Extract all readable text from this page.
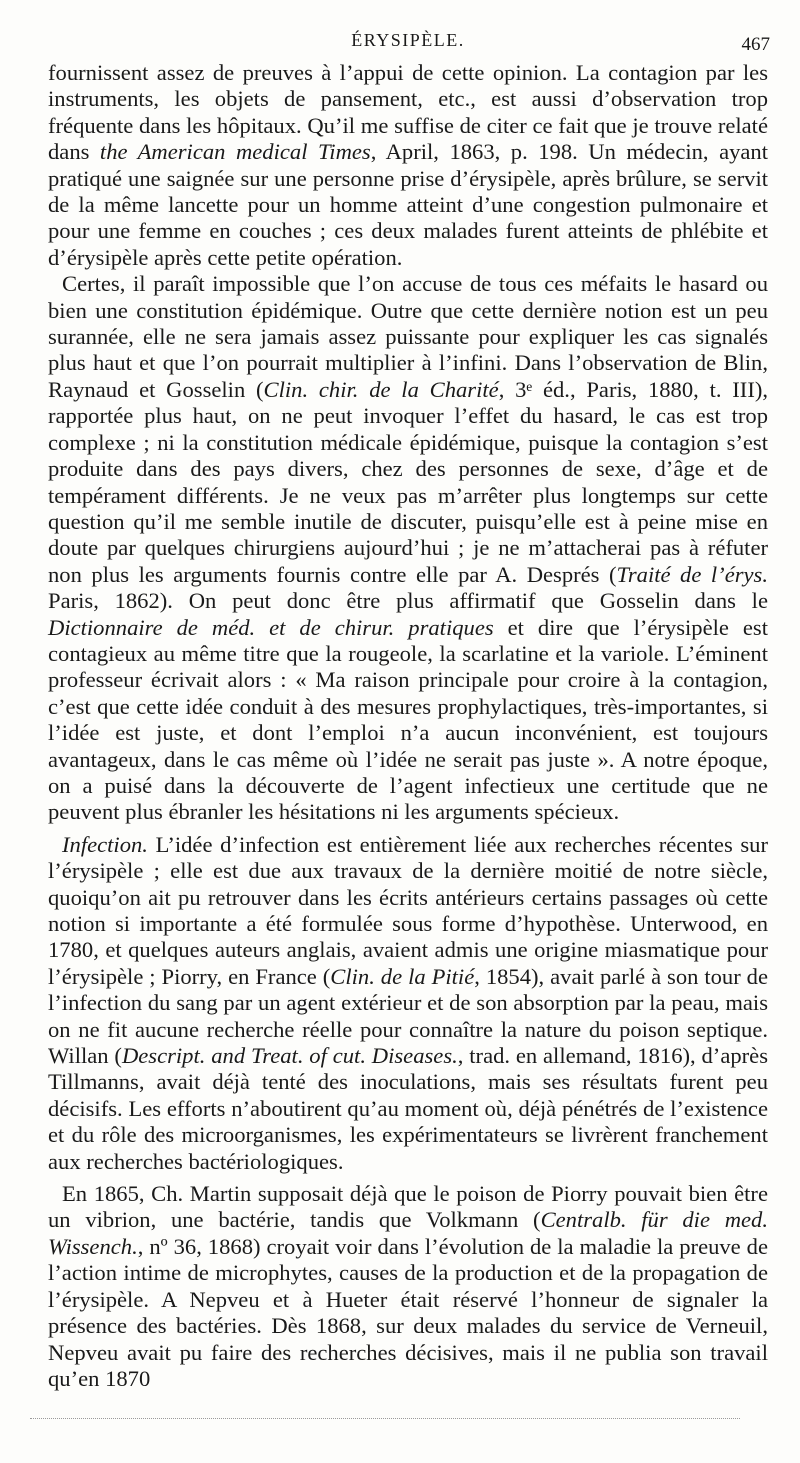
ÉRYSIPÈLE.	467

fournissent assez de preuves à l’appui de cette opinion. La contagion par les instruments, les objets de pansement, etc., est aussi d’observation trop fréquente dans les hôpitaux. Qu’il me suffise de citer ce fait que je trouve relaté dans the American medical Times, April, 1863, p. 198. Un médecin, ayant pratiqué une saignée sur une personne prise d’érysipèle, après brûlure, se servit de la même lancette pour un homme atteint d’une congestion pulmonaire et pour une femme en couches ; ces deux malades furent atteints de phlébite et d’érysipèle après cette petite opération.

Certes, il paraît impossible que l’on accuse de tous ces méfaits le hasard ou bien une constitution épidémique. Outre que cette dernière notion est un peu surannée, elle ne sera jamais assez puissante pour expliquer les cas signalés plus haut et que l’on pourrait multiplier à l’infini. Dans l’observation de Blin, Raynaud et Gosselin (Clin. chir. de la Charité, 3ᵉ éd., Paris, 1880, t. III), rapportée plus haut, on ne peut invoquer l’effet du hasard, le cas est trop complexe ; ni la constitution médicale épidémique, puisque la contagion s’est produite dans des pays divers, chez des personnes de sexe, d’âge et de tempérament différents. Je ne veux pas m’arrêter plus longtemps sur cette question qu’il me semble inutile de discuter, puisqu’elle est à peine mise en doute par quelques chirurgiens aujourd’hui ; je ne m’attacherai pas à réfuter non plus les arguments fournis contre elle par A. Després (Traité de l’érys. Paris, 1862). On peut donc être plus affirmatif que Gosselin dans le Dictionnaire de méd. et de chirur. pratiques et dire que l’érysipèle est contagieux au même titre que la rougeole, la scarlatine et la variole. L’éminent professeur écrivait alors : « Ma raison principale pour croire à la contagion, c’est que cette idée conduit à des mesures prophylactiques, très-importantes, si l’idée est juste, et dont l’emploi n’a aucun inconvénient, est toujours avantageux, dans le cas même où l’idée ne serait pas juste ». A notre époque, on a puisé dans la découverte de l’agent infectieux une certitude que ne peuvent plus ébranler les hésitations ni les arguments spécieux.

Infection. L’idée d’infection est entièrement liée aux recherches récentes sur l’érysipèle ; elle est due aux travaux de la dernière moitié de notre siècle, quoiqu’on ait pu retrouver dans les écrits antérieurs certains passages où cette notion si importante a été formulée sous forme d’hypothèse. Unterwood, en 1780, et quelques auteurs anglais, avaient admis une origine miasmatique pour l’érysipèle ; Piorry, en France (Clin. de la Pitié, 1854), avait parlé à son tour de l’infection du sang par un agent extérieur et de son absorption par la peau, mais on ne fit aucune recherche réelle pour connaître la nature du poison septique. Willan (Descript. and Treat. of cut. Diseases., trad. en allemand, 1816), d’après Tillmanns, avait déjà tenté des inoculations, mais ses résultats furent peu décisifs. Les efforts n’aboutirent qu’au moment où, déjà pénétrés de l’existence et du rôle des microorganismes, les expérimentateurs se livrèrent franchement aux recherches bactériologiques.

En 1865, Ch. Martin supposait déjà que le poison de Piorry pouvait bien être un vibrion, une bactérie, tandis que Volkmann (Centralb. für die med. Wissench., nº 36, 1868) croyait voir dans l’évolution de la maladie la preuve de l’action intime de microphytes, causes de la production et de la propagation de l’érysipèle. A Nepveu et à Hueter était réservé l’honneur de signaler la présence des bactéries. Dès 1868, sur deux malades du service de Verneuil, Nepveu avait pu faire des recherches décisives, mais il ne publia son travail qu’en 1870
